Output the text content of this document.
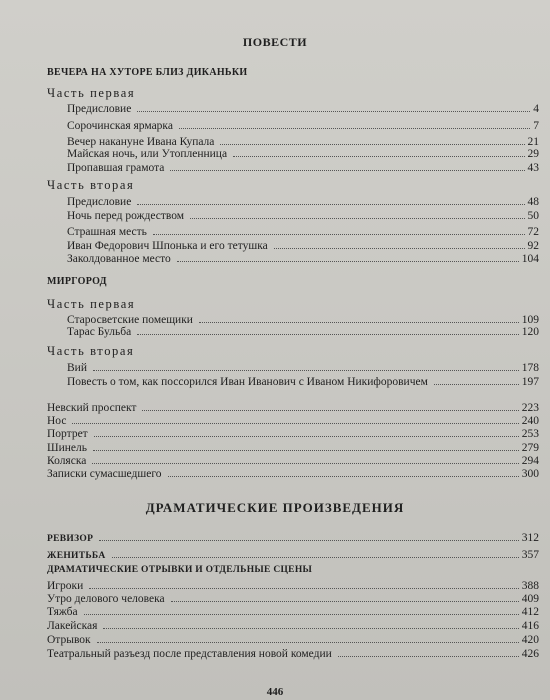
ПОВЕСТИ
ВЕЧЕРА НА ХУТОРЕ БЛИЗ ДИКАНЬКИ
Часть первая
Предисловие	4
Сорочинская ярмарка	7
Вечер накануне Ивана Купала	21
Майская ночь, или Утопленница	29
Пропавшая грамота	43
Часть вторая
Предисловие	48
Ночь перед рождеством	50
Страшная месть	72
Иван Федорович Шпонька и его тетушка	92
Заколдованное место	104
МИРГОРОД
Часть первая
Старосветские помещики	109
Тарас Бульба	120
Часть вторая
Вий	178
Повесть о том, как поссорился Иван Иванович с Иваном Никифоровичем	197
Невский проспект	223
Нос	240
Портрет	253
Шинель	279
Коляска	294
Записки сумасшедшего	300
ДРАМАТИЧЕСКИЕ ПРОИЗВЕДЕНИЯ
РЕВИЗОР	312
ЖЕНИТЬБА	357
ДРАМАТИЧЕСКИЕ ОТРЫВКИ И ОТДЕЛЬНЫЕ СЦЕНЫ
Игроки	388
Утро делового человека	409
Тяжба	412
Лакейская	416
Отрывок	420
Театральный разъезд после представления новой комедии	426
446
